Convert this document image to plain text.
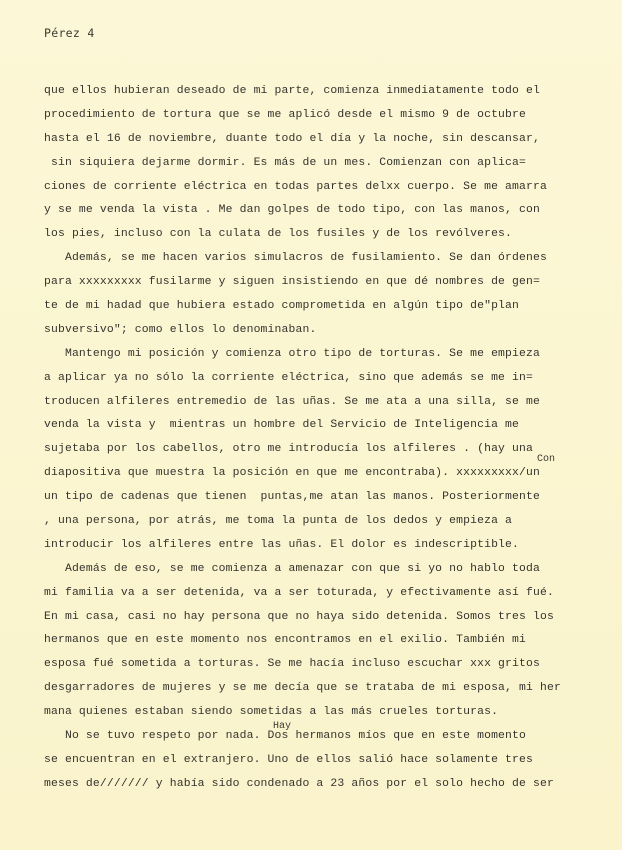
Pérez 4
que ellos hubieran deseado de mi parte, comienza inmediatamente todo el
procedimiento de tortura que se me aplicó desde el mismo 9 de octubre
hasta el 16 de noviembre, duante todo el día y la noche, sin descansar,
sin siquiera dejarme dormir. Es más de un mes. Comienzan con aplica=
ciones de corriente eléctrica en todas partes delxx cuerpo. Se me amarra
y se me venda la vista . Me dan golpes de todo tipo, con las manos, con
los pies, incluso con la culata de los fusiles y de los revólveres.
Además, se me hacen varios simulacros de fusilamiento. Se dan órdenes
para xxxxxxxxx fusilarme y siguen insistiendo en que dé nombres de gen=
te de mi hadad que hubiera estado comprometida en algún tipo de"plan
subversivo"; como ellos lo denominaban.
Mantengo mi posición y comienza otro tipo de torturas. Se me empieza
a aplicar ya no sólo la corriente eléctrica, sino que además se me in=
troducen alfileres entremedio de las uñas. Se me ata a una silla, se me
venda la vista y  mientras un hombre del Servicio de Inteligencia me
sujetaba por los cabellos, otro me introducía los alfileres . (hay una
diapositiva que muestra la posición en que me encontraba). xxxxxxxxx/un
un tipo de cadenas que tienen  puntas,me atan las manos. Posteriormente
, una persona, por atrás, me toma la punta de los dedos y empieza a
introducir los alfileres entre las uñas. El dolor es indescriptible.
Además de eso, se me comienza a amenazar con que si yo no hablo toda
mi familia va a ser detenida, va a ser toturada, y efectivamente así fué.
En mi casa, casi no hay persona que no haya sido detenida. Somos tres los
hermanos que en este momento nos encontramos en el exilio. También mi
esposa fué sometida a torturas. Se me hacía incluso escuchar xxx gritos
desgarradores de mujeres y se me decía que se trataba de mi esposa, mi her
mana quienes estaban siendo sometidas a las más crueles torturas.
No se tuvo respeto por nada. Dos hermanos míos que en este momento
se encuentran en el extranjero. Uno de ellos salió hace solamente tres
meses de/////// y había sido condenado a 23 años por el solo hecho de ser
Con
Hay
